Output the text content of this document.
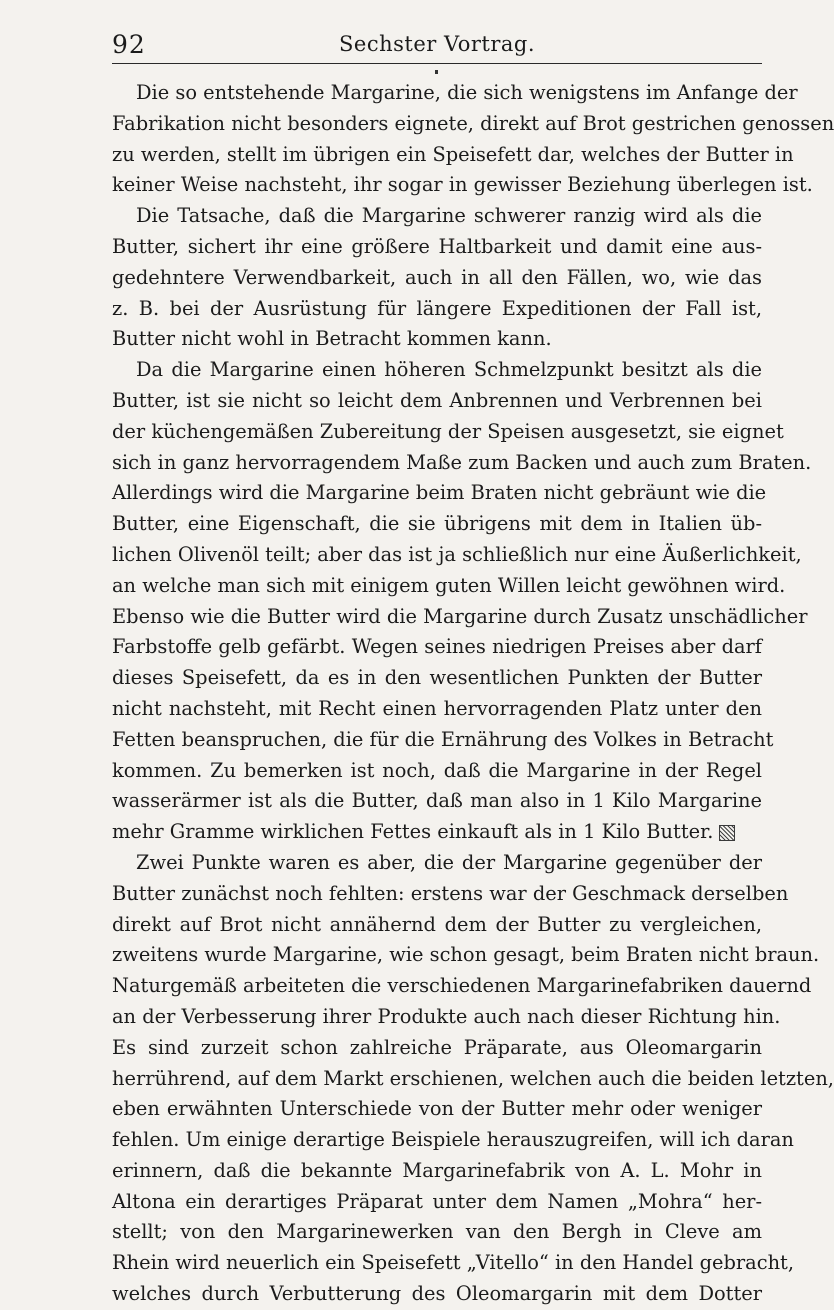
92	Sechster Vortrag.
Die so entstehende Margarine, die sich wenigstens im Anfange der
Fabrikation nicht besonders eignete, direkt auf Brot gestrichen genossen
zu werden, stellt im übrigen ein Speisefett dar, welches der Butter in
keiner Weise nachsteht, ihr sogar in gewisser Beziehung überlegen ist.
Die Tatsache, daß die Margarine schwerer ranzig wird als die
Butter, sichert ihr eine größere Haltbarkeit und damit eine aus-
gedehntere Verwendbarkeit, auch in all den Fällen, wo, wie das
z. B. bei der Ausrüstung für längere Expeditionen der Fall ist,
Butter nicht wohl in Betracht kommen kann.
Da die Margarine einen höheren Schmelzpunkt besitzt als die
Butter, ist sie nicht so leicht dem Anbrennen und Verbrennen bei
der küchengemäßen Zubereitung der Speisen ausgesetzt, sie eignet
sich in ganz hervorragendem Maße zum Backen und auch zum Braten.
Allerdings wird die Margarine beim Braten nicht gebräunt wie die
Butter, eine Eigenschaft, die sie übrigens mit dem in Italien üb-
lichen Olivenöl teilt; aber das ist ja schließlich nur eine Äußerlichkeit,
an welche man sich mit einigem guten Willen leicht gewöhnen wird.
Ebenso wie die Butter wird die Margarine durch Zusatz unschädlicher
Farbstoffe gelb gefärbt. Wegen seines niedrigen Preises aber darf
dieses Speisefett, da es in den wesentlichen Punkten der Butter
nicht nachsteht, mit Recht einen hervorragenden Platz unter den
Fetten beanspruchen, die für die Ernährung des Volkes in Betracht
kommen. Zu bemerken ist noch, daß die Margarine in der Regel
wasserärmer ist als die Butter, daß man also in 1 Kilo Margarine
mehr Gramme wirklichen Fettes einkauft als in 1 Kilo Butter.
Zwei Punkte waren es aber, die der Margarine gegenüber der
Butter zunächst noch fehlten: erstens war der Geschmack derselben
direkt auf Brot nicht annähernd dem der Butter zu vergleichen,
zweitens wurde Margarine, wie schon gesagt, beim Braten nicht braun.
Naturgemäß arbeiteten die verschiedenen Margarinefabriken dauernd
an der Verbesserung ihrer Produkte auch nach dieser Richtung hin.
Es sind zurzeit schon zahlreiche Präparate, aus Oleomargarin
herrührend, auf dem Markt erschienen, welchen auch die beiden letzten,
eben erwähnten Unterschiede von der Butter mehr oder weniger
fehlen. Um einige derartige Beispiele herauszugreifen, will ich daran
erinnern, daß die bekannte Margarinefabrik von A. L. Mohr in
Altona ein derartiges Präparat unter dem Namen „Mohra“ her-
stellt; von den Margarinewerken van den Bergh in Cleve am
Rhein wird neuerlich ein Speisefett „Vitello“ in den Handel gebracht,
welches durch Verbutterung des Oleomargarin mit dem Dotter
